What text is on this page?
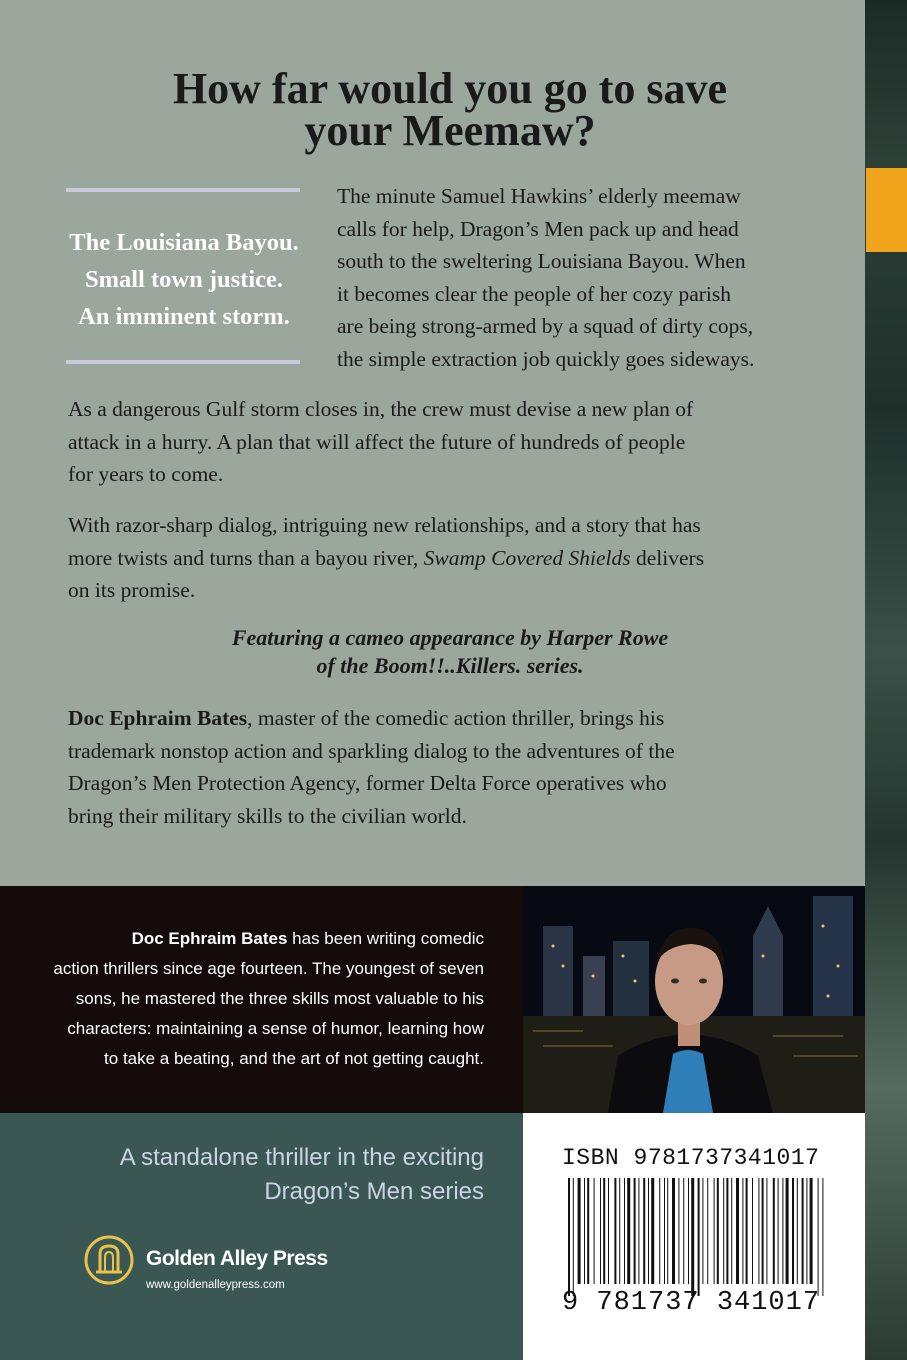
How far would you go to save
your Meemaw?
The Louisiana Bayou.
Small town justice.
An imminent storm.
The minute Samuel Hawkins’ elderly meemaw
calls for help, Dragon’s Men pack up and head
south to the sweltering Louisiana Bayou. When
it becomes clear the people of her cozy parish
are being strong-armed by a squad of dirty cops,
the simple extraction job quickly goes sideways.
As a dangerous Gulf storm closes in, the crew must devise a new plan of
attack in a hurry. A plan that will affect the future of hundreds of people
for years to come.
With razor-sharp dialog, intriguing new relationships, and a story that has
more twists and turns than a bayou river, Swamp Covered Shields delivers
on its promise.
Featuring a cameo appearance by Harper Rowe
of the Boom!!..Killers. series.
Doc Ephraim Bates, master of the comedic action thriller, brings his
trademark nonstop action and sparkling dialog to the adventures of the
Dragon’s Men Protection Agency, former Delta Force operatives who
bring their military skills to the civilian world.
Doc Ephraim Bates has been writing comedic
action thrillers since age fourteen. The youngest of seven
sons, he mastered the three skills most valuable to his
characters: maintaining a sense of humor, learning how
to take a beating, and the art of not getting caught.
A standalone thriller in the exciting
Dragon’s Men series
Golden Alley Press
www.goldenalleypress.com
ISBN 9781737341017
9 781737 341017
